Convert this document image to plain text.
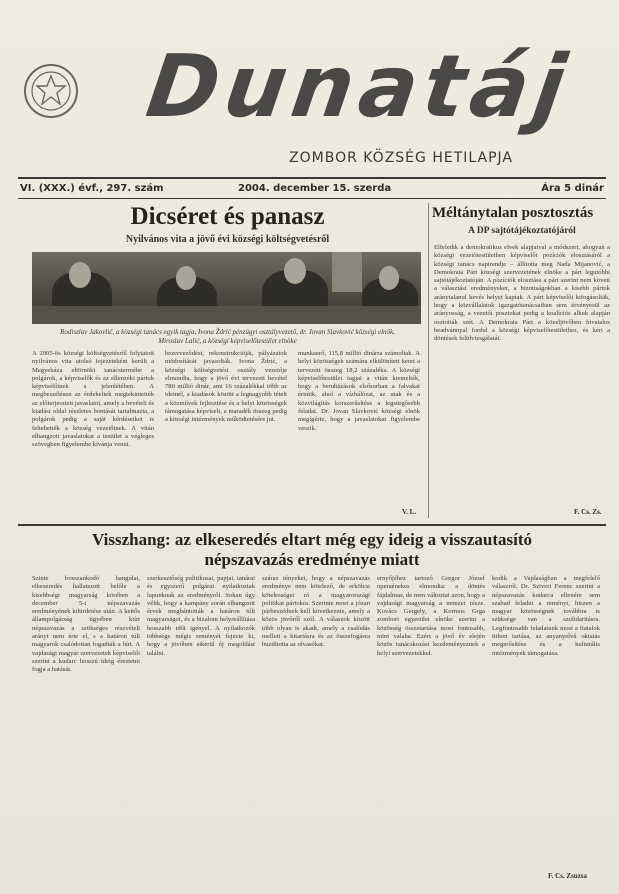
Dunatáj
ZOMBOR KÖZSÉG HETILAPJA
VI. (XXX.) évf., 297. szám	2004. december 15. szerda	Ára 5 dinár
Dicséret és panasz
Nyilvános vita a jövő évi községi költségvetésről
Rodiszlav Jakovlić, a községi tanács egyik tagja, Ivona Ždrić pénzügyi osztályvezető, dr. Jovan Slavković községi elnök,
Miroslav Lalić, a községi képviselőtestület elnöke
A 2005-ös községi költségvetésről folytatott nyilvános vita utolsó fejezeteként került a Megyeháza eltörnöki tanácstermébe a polgárok, a képviselők és az ellenzéki pártok képviselőinek a jelenlétében. A megbeszélésen az érdekeltek megtekintették az előterjesztett javaslatot, amely a bevételi és kiadási oldal részletes bontását tartalmazta, a polgárok pedig a saját kérdéseiket is feltehették a község vezetőinek. A vitán elhangzott javaslatokat a testület a végleges szövegben figyelembe kívánja venni.
bezerveződést, rekonstrukcióját, pályázatok módosítását javasolták. Ivona Ždrić, a községi költségvetési osztály vezetője elmondta, hogy a jövő évi tervezett bevétel 780 millió dinár, ami 16 százalékkal több az ideinél, a kiadások között a legnagyobb tételt a közművek fejlesztése és a helyi közösségek támogatása képviseli, a maradék összeg pedig a községi intézmények működtetésére jut.
munkaerő, 115,8 millió dinárra számoltak. A helyi közösségek számára elkülönített keret a tervezett összeg 18,2 százaléka. A községi képviselőtestület tagjai a vitán kiemelték, hogy a beruházások elsősorban a falvakat érintik, ahol a vízhálózat, az utak és a közvilágítás korszerűsítése a legsürgősebb feladat. Dr. Jovan Slavković községi elnök megígérte, hogy a javaslatokat figyelembe veszik.
V. L.
Méltánytalan posztosztás
A DP sajtótájékoztatójáról
Elfeledik a demokratikus elvek alapjaival a módszert, ahogyan a községi vezetőtestületben képviselői pozíciók elosztásáról a községi tanács napirendje – állította meg Nada Mijanović, a Demokrata Párt községi szervezetének elnöke a párt legutóbbi sajtótájékoztatóján. A pozíciók elosztása a párt szerint nem követi a választási eredményeket, a bizottságokban a kisebb pártok aránytalanul kevés helyet kaptak. A párt képviselői kifogásolták, hogy a közvállalatok igazgatótanácsaiban sem érvényesül az arányosság, a vezetői posztokat pedig a koalíciós alkuk alapján osztották szét. A Demokrata Párt a közeljövőben hivatalos beadvánnyal fordul a községi képviselőtestülethez, és kéri a döntések felülvizsgálatát.
F. Cs. Zs.
Visszhang: az elkeseredés eltart még egy ideig a visszautasító
népszavazás eredménye miatt
Szinte bosszankodó hangulat, elkeseredés hallatszott belőle a kisebbségi magyarság körében a december 5-i népszavazás eredményének kihirdetése után. A kettős állampolgárság ügyében kiírt népszavazás a szükséges részvételi arányt nem érte el, s a határon túli magyarok csalódottan fogadták a hírt. A vajdasági magyar szervezetek képviselői szerint a kudarc hosszú ideig éreztetni fogja a hatását.
szerkesztőség politikusai, papjai, tanárai és egyszerű polgárai nyilatkoztak lapunknak az eredményről. Sokan úgy vélik, hogy a kampány során elhangzott érvek megbántották a határon túli magyarságot, és a bizalom helyreállítása hosszabb időt igényel. A nyilatkozók többsége mégis reményét fejezte ki, hogy a jövőben sikerül új megoldást találni.
száraz tényeket, hogy a népszavazás eredménye nem kötelező, de erkölcsi kötelességet ró a magyarországi politikai pártokra. Szerinte most a józan párbeszédnek kell következnie, amely a közös jövőről szól. A válaszok között több olyan is akadt, amely a csalódás mellett a kitartásra és az összefogásra buzdította az olvasókat.
ernyőjéhez tartozó Gregor József operaénekes elmondta: a döntés fájdalmas, de nem változtat azon, hogy a vajdasági magyarság a nemzet része. Kovács Gergely, a Kormos Grga zombori egyesület elnöke szerint a közösség összetartása most fontosabb, mint valaha. Ezért a jövő év elején közös tanácskozást kezdeményeznek a helyi szervezetekkel.
kodik a Vajdaságban a megfelelő válaszról. Dr. Sziveri Ferenc szerint a népszavazás kudarca ellenére sem szabad feladni a reményt, hiszen a magyar közösségnek továbbra is szüksége van a szolidaritásra. Legfontosabb feladatunk most a fiatalok itthon tartása, az anyanyelvű oktatás megerősítése és a kulturális intézmények támogatása.
F. Cs. Zsuzsa
